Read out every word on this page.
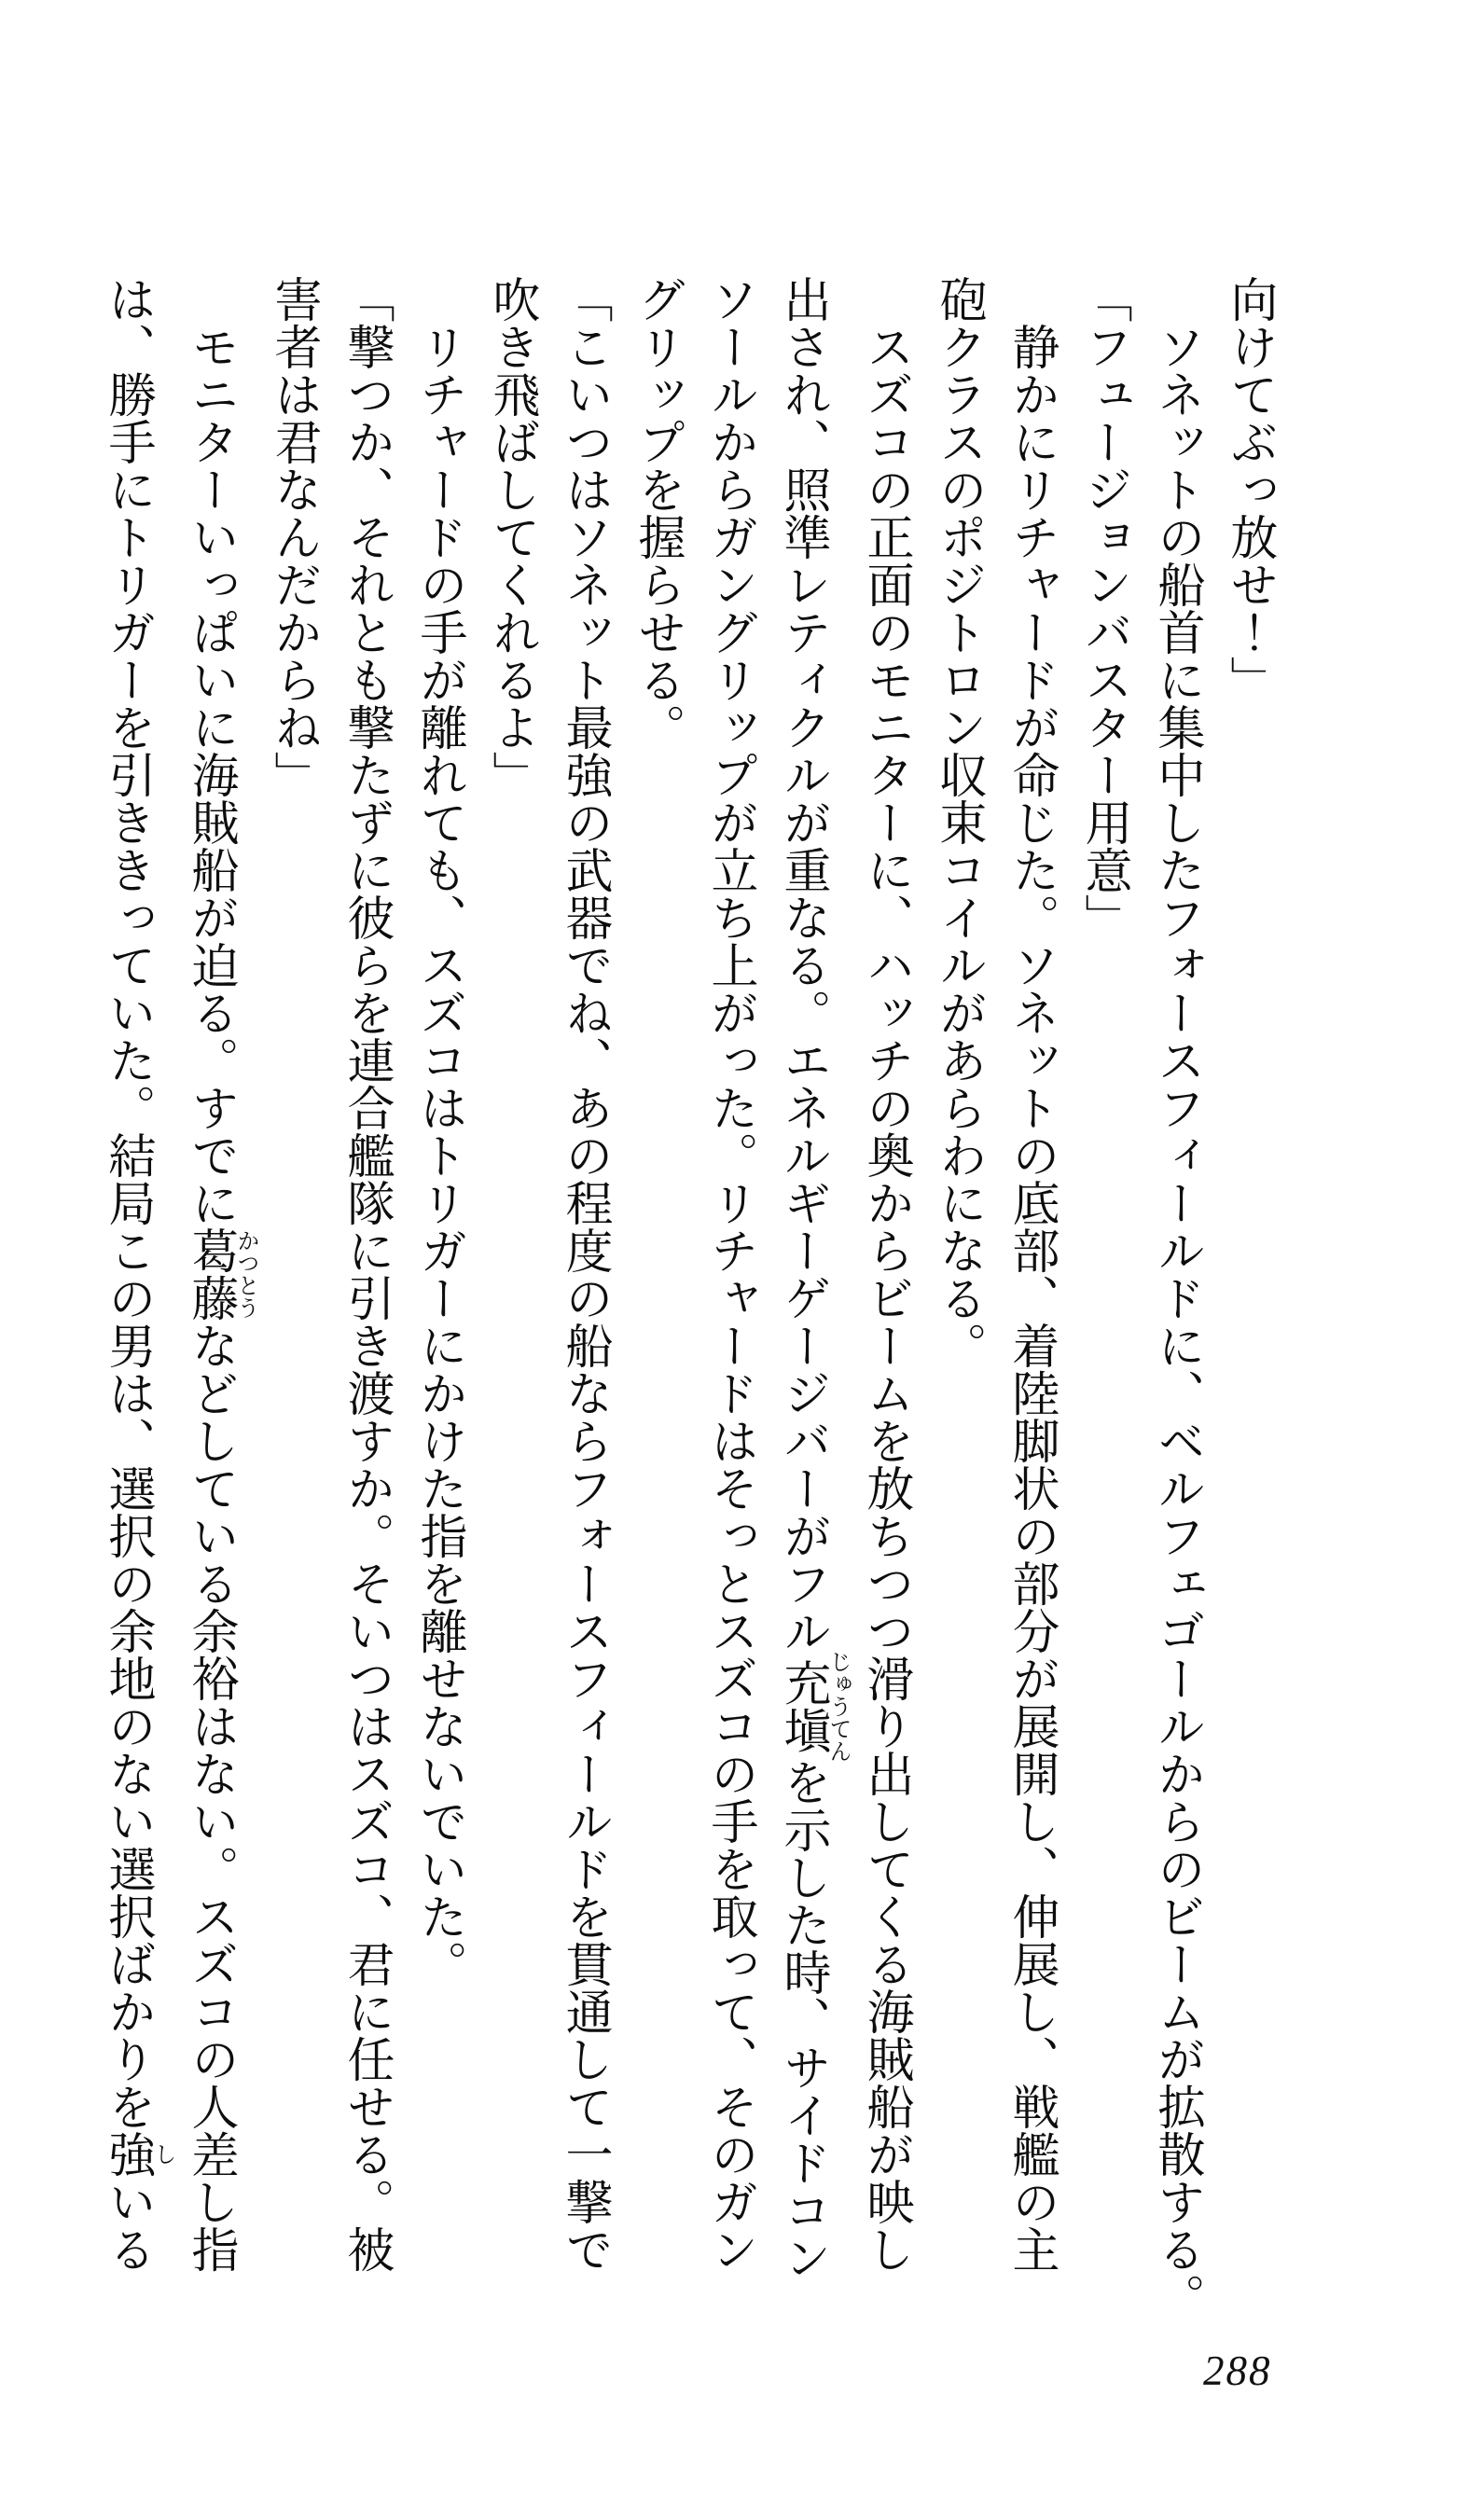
向けてぶっ放せ！」

ソネットの船首に集中したフォースフィールドに、ベルフェゴールからのビームが拡散する。

「フュージョンバスター用意」

静かにリチャードが命じた。ソネットの底部、着陸脚状の部分が展開し、伸展し、戦艦の主

砲クラスのポジトロン収束コイルがあらわになる。

スズコの正面のモニターに、ハッチの奥からビームを放ちつつ滑り出してくる海賊船が映し

出され、照準レティクルが重なる。エネルギーゲージバーがフル充塡じゅうてんを示した時、サイドコン

ソールからガングリップが立ち上がった。リチャードはそっとスズコの手を取って、そのガン

グリップを握らせる。

「こいつはソネット最強の武器でね、あの程度の船ならフォースフィールドを貫通して一撃で

吹き飛ばしてくれるよ」

リチャードの手が離れても、スズコはトリガーにかけた指を離せないでいた。

「撃つか、それとも撃たずに彼らを連合艦隊に引き渡すか。そいつはスズコ、君に任せる。被

害者は君なんだからね」

モニターいっぱいに海賊船が迫る。すでに葛藤かつとうなどしている余裕はない。スズコの人差し指

は、勝手にトリガーを引ききっていた。結局この男は、選択の余地のない選択ばかりを強しいる

288
